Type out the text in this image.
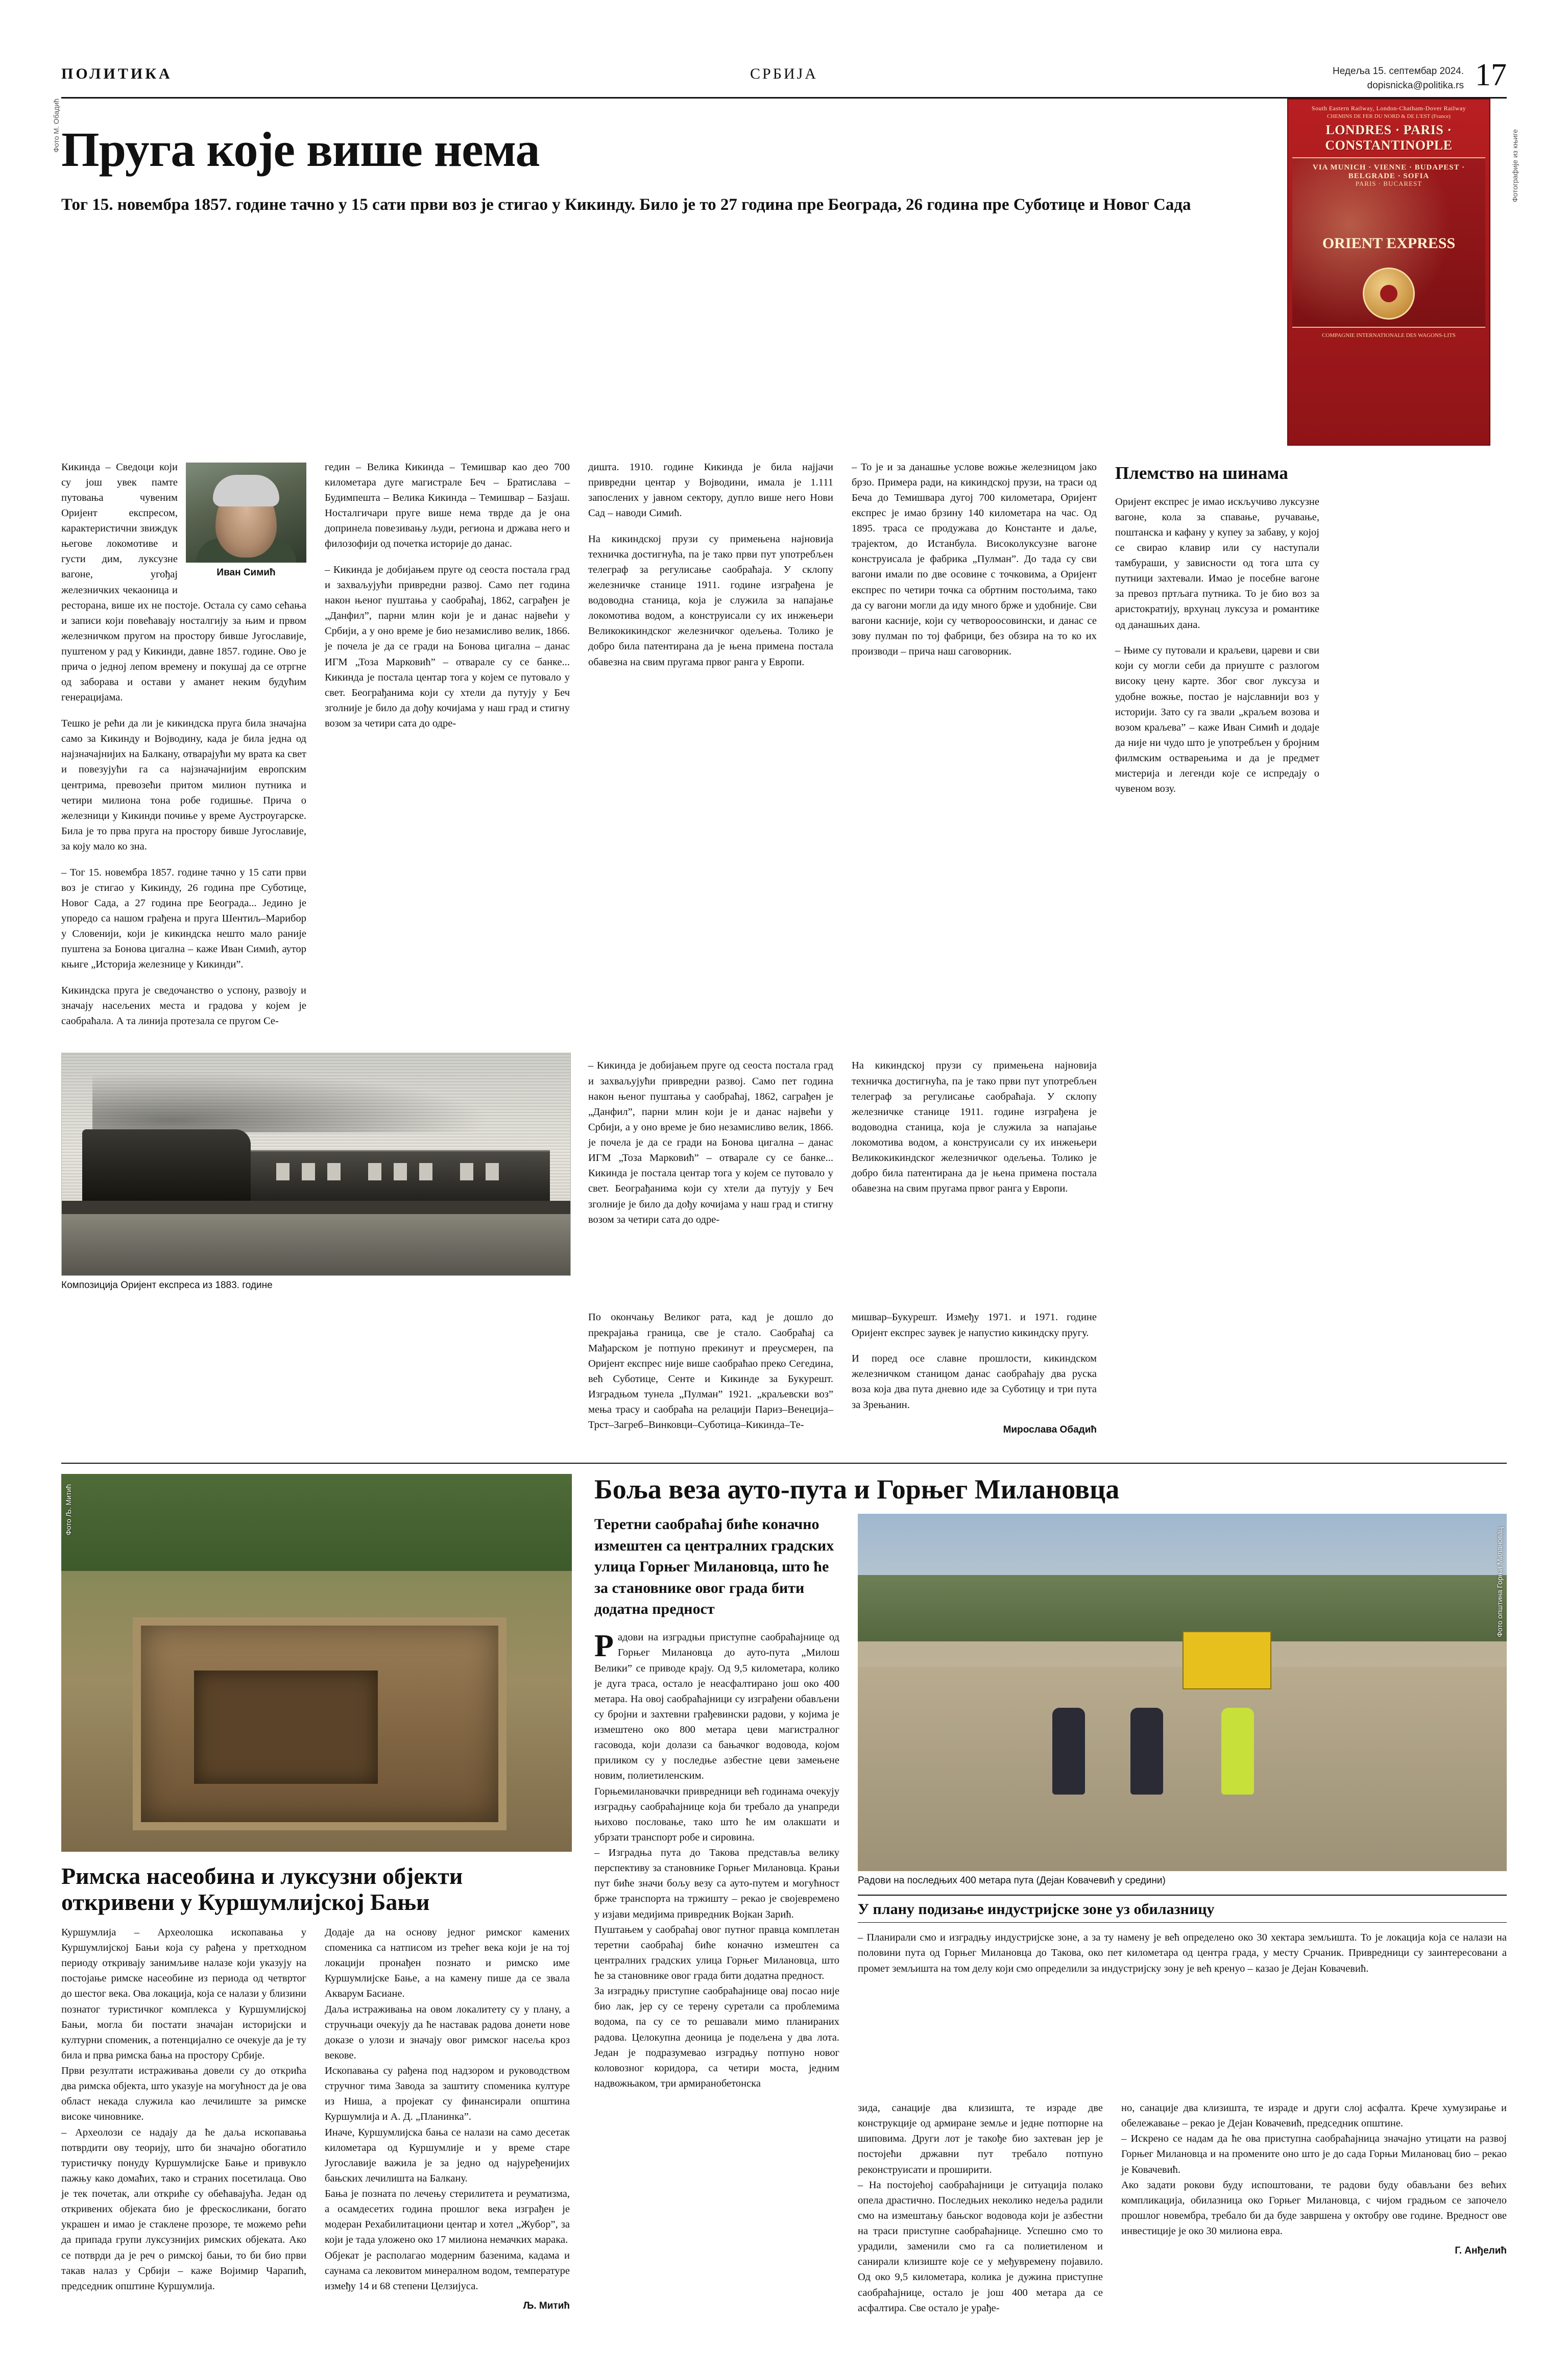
ПОЛИТИКА	СРБИЈА	Недеља 15. септембар 2024.
dopisnicka@politika.rs 17
Пруга које више нема
Тог 15. новембра 1857. године тачно у 15 сати први воз је стигао у Кикинду. Било је то 27 година пре Београда, 26 година пре Суботице и Новог Сада
South Eastern Railway, London-Chatham-Dover Railway
CHEMINS DE FER DU NORD & DE L'EST (France)
LONDRES · PARIS · CONSTANTINOPLE
VIA MUNICH · VIENNE · BUDAPEST · BELGRADE · SOFIA
PARIS · BUCAREST
ORIENT EXPRESS
COMPAGNIE INTERNATIONALE DES WAGONS-LITS
Фотографије из књиге
Фото М. Обадић
Иван Симић

Кикинда – Сведоци који су још увек памте путовања чувеним Оријент експресом, карактеристични звиждук његове локомотиве и густи дим, луксузне вагоне, угођај железничких чекаоница и ресторана, више их не постоје. Остала су само сећања и записи који повећавају носталгију за њим и првом железничком пругом на простору бивше Југославије, пуштеном у рад у Кикинди, давне 1857. године. Ово је прича о једној лепом времену и покушај да се отргне од заборава и остави у аманет неким будућим генерацијама.

Тешко је рећи да ли је кикиндска пруга била значајна само за Кикинду и Војводину, када је била једна од најзначајнијих на Балкану, отварајући му врата ка свет и повезујући га са најзначајнијим европским центрима, превозећи притом милион путника и четири милиона тона робе годишње. Прича о железници у Кикинди почиње у време Аустроугарске. Била је то прва пруга на простору бивше Југославије, за коју мало ко зна.

– Тог 15. новембра 1857. године тачно у 15 сати први воз је стигао у Кикинду, 26 година пре Суботице, Новог Сада, а 27 година пре Београда... Једино је упоредо са нашом грађена и пруга Шентиљ–Марибор у Словенији, који је кикиндска нешто мало раније пуштена за Бонова цигална – каже Иван Симић, аутор књиге „Историја железнице у Кикинди”.

Кикиндска пруга је сведочанство о успону, развоју и значају насељених места и градова у којем је саобраћала. А та линија протезала се пругом Се-

гедин – Велика Кикинда – Темишвар као део 700 километара дуге магистрале Беч – Братислава – Будимпешта – Велика Кикинда – Темишвар – Базјаш. Носталгичари пруге више нема тврде да је она допринела повезивању људи, региона и држава него и филозофији од почетка историје до данас.

– Кикинда је добијањем пруге од сеоста постала град и захваљујући привредни развој. Само пет година након њеног пуштања у саобраћај, 1862, саграђен је „Данфил”, парни млин који је и данас највећи у Србији, а у оно време је био незамисливо велик, 1866. је почела је да се гради на Бонова цигална – данас ИГМ „Тоза Марковић” – отварале су се банке... Кикинда је постала центар тога у којем се путовало у свет. Београђанима који су хтели да путују у Беч зголније је било да дођу кочијама у наш град и стигну возом за четири сата до одре-

дишта. 1910. године Кикинда је била најјачи привредни центар у Војводини, имала је 1.111 запослених у јавном сектору, дупло више него Нови Сад – наводи Симић.

На кикиндској прузи су примењена најновија техничка достигнућа, па је тако први пут употребљен телеграф за регулисање саобраћаја. У склопу железничке станице 1911. године изграђена је водоводна станица, која је служила за напајање локомотива водом, а конструисали су их инжењери Великокикиндског железничког одељења. Толико је добро била патентирана да је њена примена постала обавезна на свим пругама првог ранга у Европи.

– То је и за данашње услове вожње железницом јако брзо. Примера ради, на кикиндској прузи, на траси од Беча до Темишвара дугој 700 километара, Оријент експрес је имао брзину 140 километара на час. Од 1895. траса се продужава до Константе и даље, трајектом, до Истанбула. Високолуксузне вагоне конструисала је фабрика „Пулман”. До тада су сви вагони имали по две осовине с точковима, а Оријент експрес по четири точка са обртним постољима, тако да су вагони могли да иду много брже и удобније. Сви вагони касније, који су четвороосовински, и данас се зову пулман по тој фабрици, без обзира на то ко их производи – прича наш саговорник.

Племство на шинама

Оријент експрес је имао искључиво луксузне вагоне, кола за спавање, ручавање, поштанска и кафану у купеу за забаву, у којој се свирао клавир или су наступали тамбураши, у зависности од тога шта су путници захтевали. Имао је посебне вагоне за превоз пртљага путника. То је био воз за аристократију, врхунац луксуза и романтике од данашњих дана.

– Њиме су путовали и краљеви, цареви и сви који су могли себи да приуште с разлогом високу цену карте. Због свог луксуза и удобне вожње, постао је најславнији воз у историји. Зато су га звали „краљем возова и возом краљева” – каже Иван Симић и додаје да није ни чудо што је употребљен у бројним филмским остварењима и да је предмет мистерија и легенди које се испредају о чувеном возу.

Композиција Оријент експреса из 1883. године

– Кикинда је добијањем пруге од сеоста постала град и захваљујући привредни развој. Само пет година након њеног пуштања у саобраћај, 1862, саграђен је „Данфил”, парни млин који је и данас највећи у Србији, а у оно време је био незамисливо велик, 1866. је почела је да се гради на Бонова цигална – данас ИГМ „Тоза Марковић” – отварале су се банке... Кикинда је постала центар тога у којем се путовало у свет. Београђанима који су хтели да путују у Беч зголније је било да дођу кочијама у наш град и стигну возом за четири сата до одре-

На кикиндској прузи су примењена најновија техничка достигнућа, па је тако први пут употребљен телеграф за регулисање саобраћаја. У склопу железничке станице 1911. године изграђена је водоводна станица, која је служила за напајање локомотива водом, а конструисали су их инжењери Великокикиндског железничког одељења. Толико је добро била патентирана да је њена примена постала обавезна на свим пругама првог ранга у Европи.

По окончању Великог рата, кад је дошло до прекрајања граница, све је стало. Саобраћај са Мађарском је потпуно прекинут и преусмерен, па Оријент експрес није више саобраћао преко Сегедина, већ Суботице, Сенте и Кикинде за Букурешт. Изградњом тунела „Пулман” 1921. „краљевски воз” мења трасу и саобраћа на релацији Париз–Венеција–Трст–Загреб–Винковци–Суботица–Кикинда–Те-

мишвар–Букурешт. Између 1971. и 1971. године Оријент експрес заувек је напустио кикиндску пругу.

И поред осе славне прошлости, кикиндском железничком станицом данас саобраћају два руска воза која два пута дневно иде за Суботицу и три пута за Зрењанин.

Мирослава Обадић
Фото Љ. Митић
Римска насеобина и луксузни објекти откривени у Куршумлијској Бањи

Куршумлија – Археолошка ископавања у Куршумлијској Бањи која су рађена у претходном периоду откривају занимљиве налазе који указују на постојање римске насеобине из периода од четвртог до шестог века. Ова локација, која се налази у близини познатог туристичког комплекса у Куршумлијској Бањи, могла би постати значајан историјски и културни споменик, а потенцијално се очекује да је ту била и прва римска бања на простору Србије.

Први резултати истраживања довели су до открића два римска објекта, што указује на могућност да је ова област некада служила као лечилиште за римске високе чиновнике.

– Археолози се надају да ће даља ископавања потврдити ову теорију, што би значајно обогатило туристичку понуду Куршумлијске Бање и привукло пажњу како домаћих, тако и страних посетилаца. Ово је тек почетак, али откриће су обећавајућа. Један од откривених објеката био је фрескосликани, богато украшен и имао је стаклене прозоре, те можемо рећи да припада групи луксузнијих римских објеката. Ако се потврди да је реч о римској бањи, то би био први такав налаз у Србији – каже Војимир Чарапић, председник општине Куршумлија.

Додаје да на основу једног римског камених споменика са натписом из трећег века који је на тој локацији пронађен познато и римско име Куршумлијске Бање, а на камену пише да се звала Акварум Басиане.

Даља истраживања на овом локалитету су у плану, а стручњаци очекују да ће наставак радова донети нове доказе о улози и значају овог римског насеља кроз векове.

Ископавања су рађена под надзором и руководством стручног тима Завода за заштиту споменика културе из Ниша, а пројекат су финансирали општина Куршумлија и А. Д. „Планинка”.

Иначе, Куршумлијска бања се налази на само десетак километара од Куршумлије и у време старе Југославије важила је за једно од најуређенијих бањских лечилишта на Балкану.

Бања је позната по лечењу стерилитета и реуматизма, а осамдесетих година прошлог века изграђен је модеран Рехабилитациони центар и хотел „Жубор”, за који је тада уложено око 17 милиона немачких марака.

Објекат је располагао модерним базенима, кадама и саунама са лековитом минералном водом, температуре између 14 и 68 степени Целзијуса.

Љ. Митић
Боља веза ауто-пута и Горњег Милановца
Теретни саобраћај биће коначно измештен са централних градских улица Горњег Милановца, што ће за становнике овог града бити додатна предност

Радови на изградњи приступне саобраћајнице од Горњег Милановца до ауто-пута „Милош Велики” се приводе крају. Од 9,5 километара, колико је дуга траса, остало је неасфалтирано још око 400 метара. На овој саобраћајници су изграђени обављени су бројни и захтевни грађевински радови, у којима је измештено око 800 метара цеви магистралног гасовода, који долази са бањачког водовода, којом приликом су у последње азбестне цеви замењене новим, полиетиленским.

Горњемилановачки привредници већ годинама очекују изградњу саобраћајнице која би требало да унапреди њихово пословање, тако што ће им олакшати и убрзати транспорт робе и сировина.

– Изградња пута до Такова представља велику перспективу за становнике Горњег Милановца. Крањи пут биће значи бољу везу са ауто-путем и могућност брже транспорта на тржишту – рекао је својевремено у изјави медијима привредник Војкан Зарић.

Пуштањем у саобраћај овог путног правца комплетан теретни саобраћај биће коначно измештен са централних градских улица Горњег Милановца, што ће за становнике овог града бити додатна предност.

За изградњу приступне саобраћајнице овај посао није био лак, јер су се терену суретали са проблемима водома, па су се то решавали мимо планираних радова. Целокупна деоница је подељена у два лота. Један је подразумевао изградњу потпуно новог коловозног коридора, са четири моста, једним надвожњаком, три армиранобетонска

Фото општина Горњи Милановац
Радови на последњих 400 метара пута (Дејан Ковачевић у средини)
У плану подизање индустријске зоне уз обилазницу

– Планирали смо и изградњу индустријске зоне, а за ту намену је већ определено око 30 хектара земљишта. То је локација која се налази на половини пута од Горњег Милановца до Такова, око пет километара од центра града, у месту Срчаник. Привредници су заинтересовани а промет земљишта на том делу који смо определили за индустријску зону је већ кренуо – казао је Дејан Ковачевић.

зида, санације два клизишта, те израде две конструкције од армиране земље и једне потпорне на шиповима. Други лот је такође био захтеван јер је постојећи државни пут требало потпуно реконструисати и проширити.

– На постојећој саобраћајници је ситуација полако опела драстично. Последњих неколико недеља радили смо на измештању бањског водовода који је азбестни на траси приступне саобраћајнице. Успешно смо то урадили, заменили смо га са полиетиленом и санирали клизиште које се у међувремену појавило. Од око 9,5 километара, колика је дужина приступне саобраћајнице, остало је још 400 метара да се асфалтира. Све остало је урађе-

но, санације два клизишта, те израде и други слој асфалта. Крече хумузирање и обележавање – рекао је Дејан Ковачевић, председник општине.

– Искрено се надам да ће ова приступна саобраћајница значајно утицати на развој Горњег Милановца и на промените оно што је до сада Горњи Милановац био – рекао је Ковачевић.

Ако задати рокови буду испоштовани, те радови буду обављани без већих компликација, обилазница око Горњег Милановца, с чијом градњом се започело прошлог новембра, требало би да буде завршена у октобру ове године. Вредност ове инвестиције је око 30 милиона евра.

Г. Анђелић
